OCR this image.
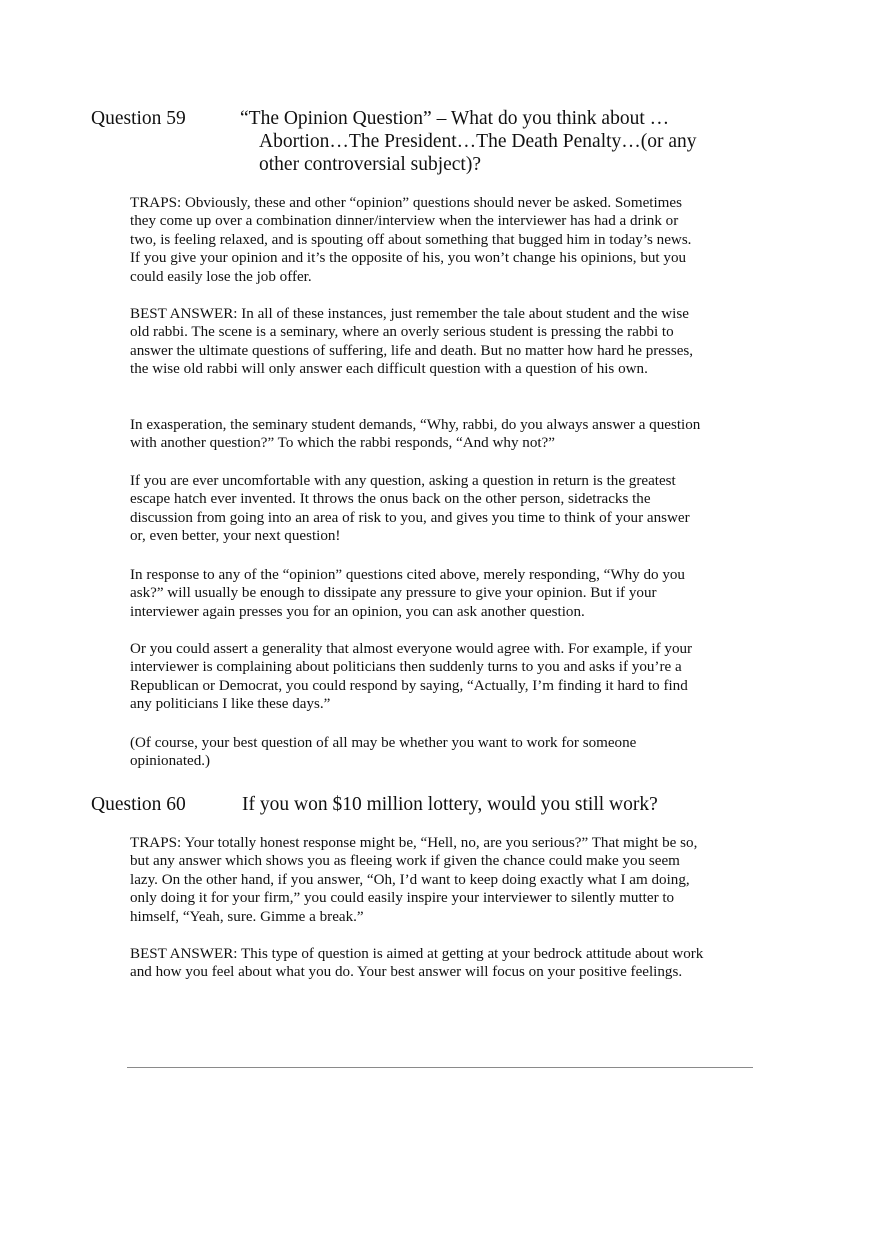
Question 59	“The Opinion Question” – What do you think about …Abortion…The President…The Death Penalty…(or any other controversial subject)?

TRAPS: Obviously, these and other “opinion” questions should never be asked. Sometimes they come up over a combination dinner/interview when the interviewer has had a drink or two, is feeling relaxed, and is spouting off about something that bugged him in today’s news. If you give your opinion and it’s the opposite of his, you won’t change his opinions, but you could easily lose the job offer.

BEST ANSWER: In all of these instances, just remember the tale about student and the wise old rabbi. The scene is a seminary, where an overly serious student is pressing the rabbi to answer the ultimate questions of suffering, life and death. But no matter how hard he presses, the wise old rabbi will only answer each difficult question with a question of his own.

In exasperation, the seminary student demands, “Why, rabbi, do you always answer a question with another question?” To which the rabbi responds, “And why not?”

If you are ever uncomfortable with any question, asking a question in return is the greatest escape hatch ever invented. It throws the onus back on the other person, sidetracks the discussion from going into an area of risk to you, and gives you time to think of your answer or, even better, your next question!

In response to any of the “opinion” questions cited above, merely responding, “Why do you ask?” will usually be enough to dissipate any pressure to give your opinion. But if your interviewer again presses you for an opinion, you can ask another question.

Or you could assert a generality that almost everyone would agree with. For example, if your interviewer is complaining about politicians then suddenly turns to you and asks if you’re a Republican or Democrat, you could respond by saying, “Actually, I’m finding it hard to find any politicians I like these days.”

(Of course, your best question of all may be whether you want to work for someone opinionated.)

Question 60	If you won $10 million lottery, would you still work?

TRAPS: Your totally honest response might be, “Hell, no, are you serious?” That might be so, but any answer which shows you as fleeing work if given the chance could make you seem lazy. On the other hand, if you answer, “Oh, I’d want to keep doing exactly what I am doing, only doing it for your firm,” you could easily inspire your interviewer to silently mutter to himself, “Yeah, sure. Gimme a break.”

BEST ANSWER: This type of question is aimed at getting at your bedrock attitude about work and how you feel about what you do. Your best answer will focus on your positive feelings.
